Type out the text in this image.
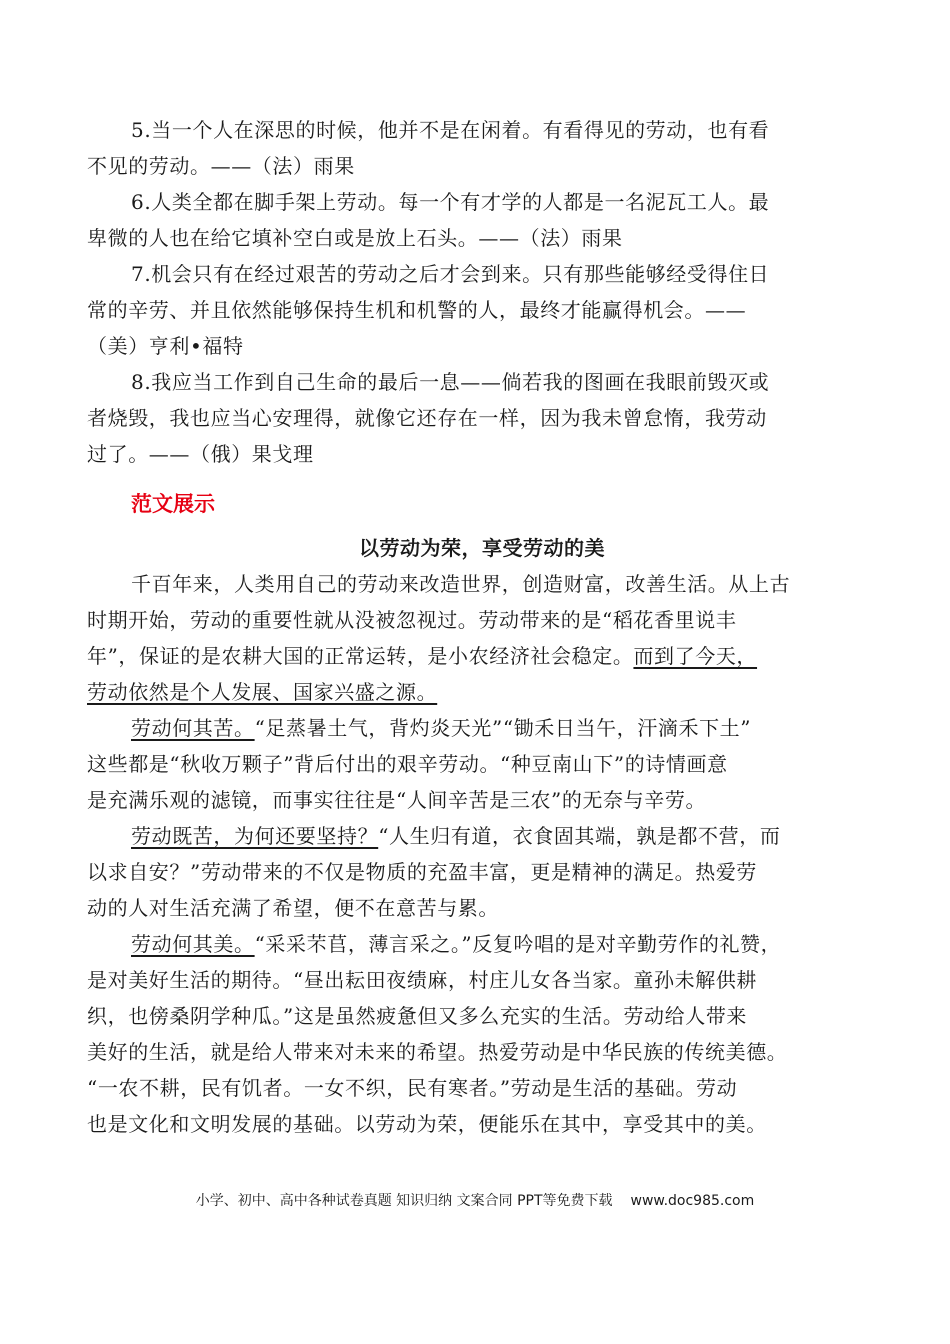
5.当一个人在深思的时候，他并不是在闲着。有看得见的劳动，也有看
不见的劳动。——（法）雨果

6.人类全都在脚手架上劳动。每一个有才学的人都是一名泥瓦工人。最
卑微的人也在给它填补空白或是放上石头。——（法）雨果

7.机会只有在经过艰苦的劳动之后才会到来。只有那些能够经受得住日
常的辛劳、并且依然能够保持生机和机警的人，最终才能赢得机会。——
（美）亨利•福特

8.我应当工作到自己生命的最后一息——倘若我的图画在我眼前毁灭或
者烧毁，我也应当心安理得，就像它还存在一样，因为我未曾怠惰，我劳动
过了。——（俄）果戈理

范文展示
以劳动为荣，享受劳动的美

千百年来，人类用自己的劳动来改造世界，创造财富，改善生活。从上古
时期开始，劳动的重要性就从没被忽视过。劳动带来的是“稻花香里说丰
年”，保证的是农耕大国的正常运转，是小农经济社会稳定。而到了今天，
劳动依然是个人发展、国家兴盛之源。

劳动何其苦。“足蒸暑土气，背灼炎天光”“锄禾日当午，汗滴禾下土”
这些都是“秋收万颗子”背后付出的艰辛劳动。“种豆南山下”的诗情画意
是充满乐观的滤镜，而事实往往是“人间辛苦是三农”的无奈与辛劳。

劳动既苦，为何还要坚持？“人生归有道，衣食固其端，孰是都不营，而
以求自安？”劳动带来的不仅是物质的充盈丰富，更是精神的满足。热爱劳
动的人对生活充满了希望，便不在意苦与累。

劳动何其美。“采采芣苢，薄言采之。”反复吟唱的是对辛勤劳作的礼赞，
是对美好生活的期待。“昼出耘田夜绩麻，村庄儿女各当家。童孙未解供耕
织，也傍桑阴学种瓜。”这是虽然疲惫但又多么充实的生活。劳动给人带来
美好的生活，就是给人带来对未来的希望。热爱劳动是中华民族的传统美德。
“一农不耕，民有饥者。一女不织，民有寒者。”劳动是生活的基础。劳动
也是文化和文明发展的基础。以劳动为荣，便能乐在其中，享受其中的美。

小学、初中、高中各种试卷真题 知识归纳 文案合同 PPT等免费下载 www.doc985.com
